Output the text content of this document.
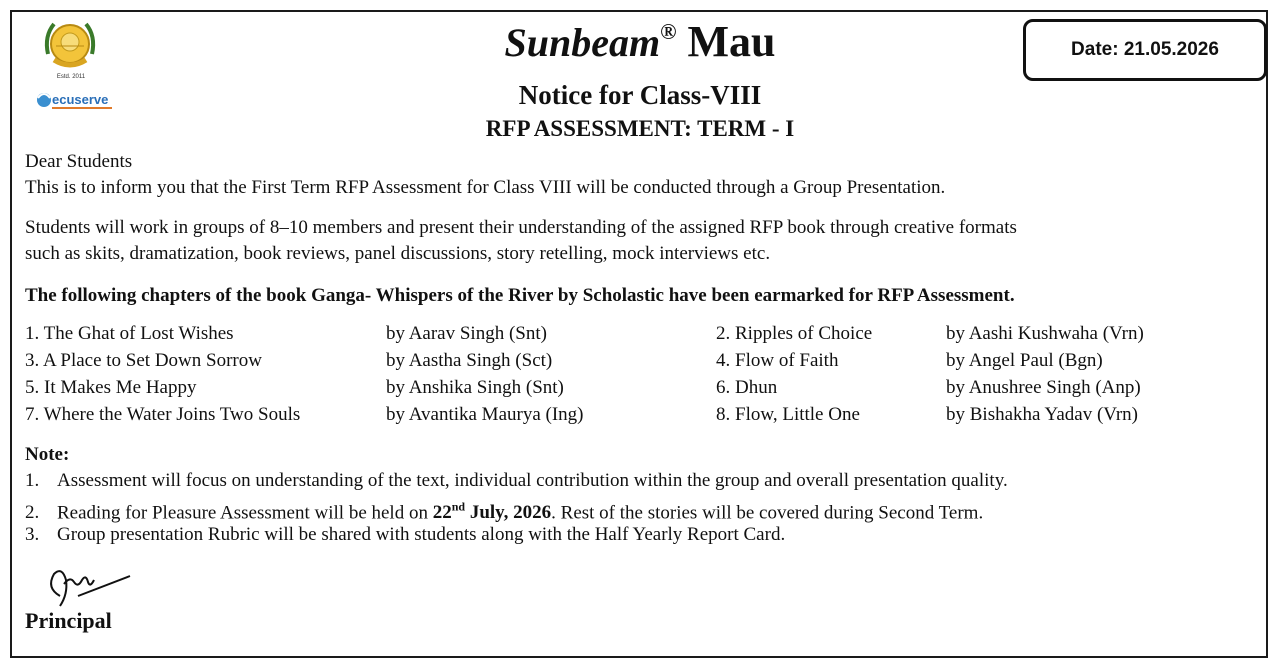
Estd. 2011
ecuserve
Sunbeam® Mau
Notice for Class-VIII
RFP ASSESSMENT: TERM - I
Date: 21.05.2026
Dear Students
This is to inform you that the First Term RFP Assessment for Class VIII will be conducted through a Group Presentation.
Students will work in groups of 8–10 members and present their understanding of the assigned RFP book through creative formats
such as skits, dramatization, book reviews, panel discussions, story retelling, mock interviews etc.
The following chapters of the book Ganga- Whispers of the River by Scholastic have been earmarked for RFP Assessment.
1. The Ghat of Lost Wishes	by Aarav Singh (Snt)	2. Ripples of Choice	by Aashi Kushwaha (Vrn)
3. A Place to Set Down Sorrow	by Aastha Singh (Sct)	4. Flow of Faith	by Angel Paul (Bgn)
5. It Makes Me Happy	by Anshika Singh (Snt)	6. Dhun	by Anushree Singh (Anp)
7. Where the Water Joins Two Souls	by Avantika Maurya (Ing)	8. Flow, Little One	by Bishakha Yadav (Vrn)
Note:
1. Assessment will focus on understanding of the text, individual contribution within the group and overall presentation quality.
2. Reading for Pleasure Assessment will be held on 22nd July, 2026. Rest of the stories will be covered during Second Term.
3. Group presentation Rubric will be shared with students along with the Half Yearly Report Card.
Principal
